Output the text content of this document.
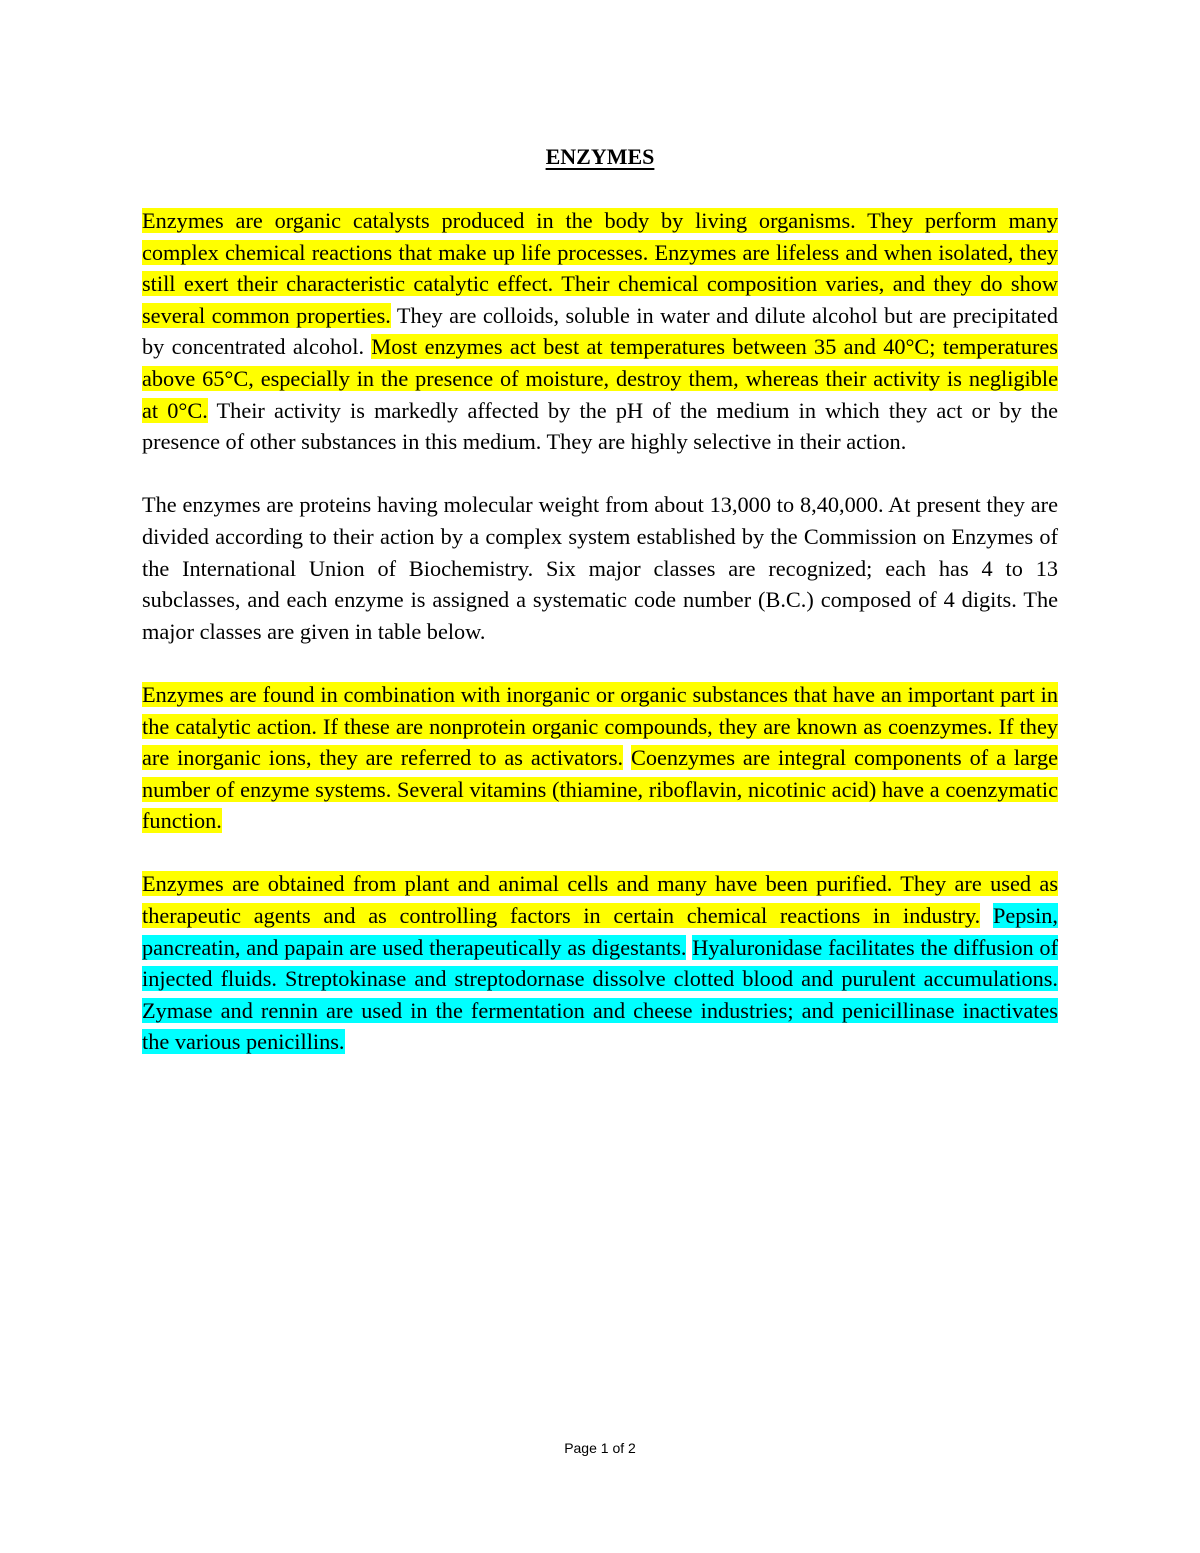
ENZYMES

Enzymes are organic catalysts produced in the body by living organisms. They perform many complex chemical reactions that make up life processes. Enzymes are lifeless and when isolated, they still exert their characteristic catalytic effect. Their chemical composition varies, and they do show several common properties. They are colloids, soluble in water and dilute alcohol but are precipitated by concentrated alcohol. Most enzymes act best at temperatures between 35 and 40°C; temperatures above 65°C, especially in the presence of moisture, destroy them, whereas their activity is negligible at 0°C. Their activity is markedly affected by the pH of the medium in which they act or by the presence of other substances in this medium. They are highly selective in their action.

The enzymes are proteins having molecular weight from about 13,000 to 8,40,000. At present they are divided according to their action by a complex system established by the Commission on Enzymes of the International Union of Biochemistry. Six major classes are recognized; each has 4 to 13 subclasses, and each enzyme is assigned a systematic code number (B.C.) composed of 4 digits. The major classes are given in table below.

Enzymes are found in combination with inorganic or organic substances that have an important part in the catalytic action. If these are nonprotein organic compounds, they are known as coenzymes. If they are inorganic ions, they are referred to as activators. Coenzymes are integral components of a large number of enzyme systems. Several vitamins (thiamine, riboflavin, nicotinic acid) have a coenzymatic function.

Enzymes are obtained from plant and animal cells and many have been purified. They are used as therapeutic agents and as controlling factors in certain chemical reactions in industry. Pepsin, pancreatin, and papain are used therapeutically as digestants. Hyaluronidase facilitates the diffusion of injected fluids. Streptokinase and streptodornase dissolve clotted blood and purulent accumulations. Zymase and rennin are used in the fermentation and cheese industries; and penicillinase inactivates the various penicillins.

Page 1 of 2
